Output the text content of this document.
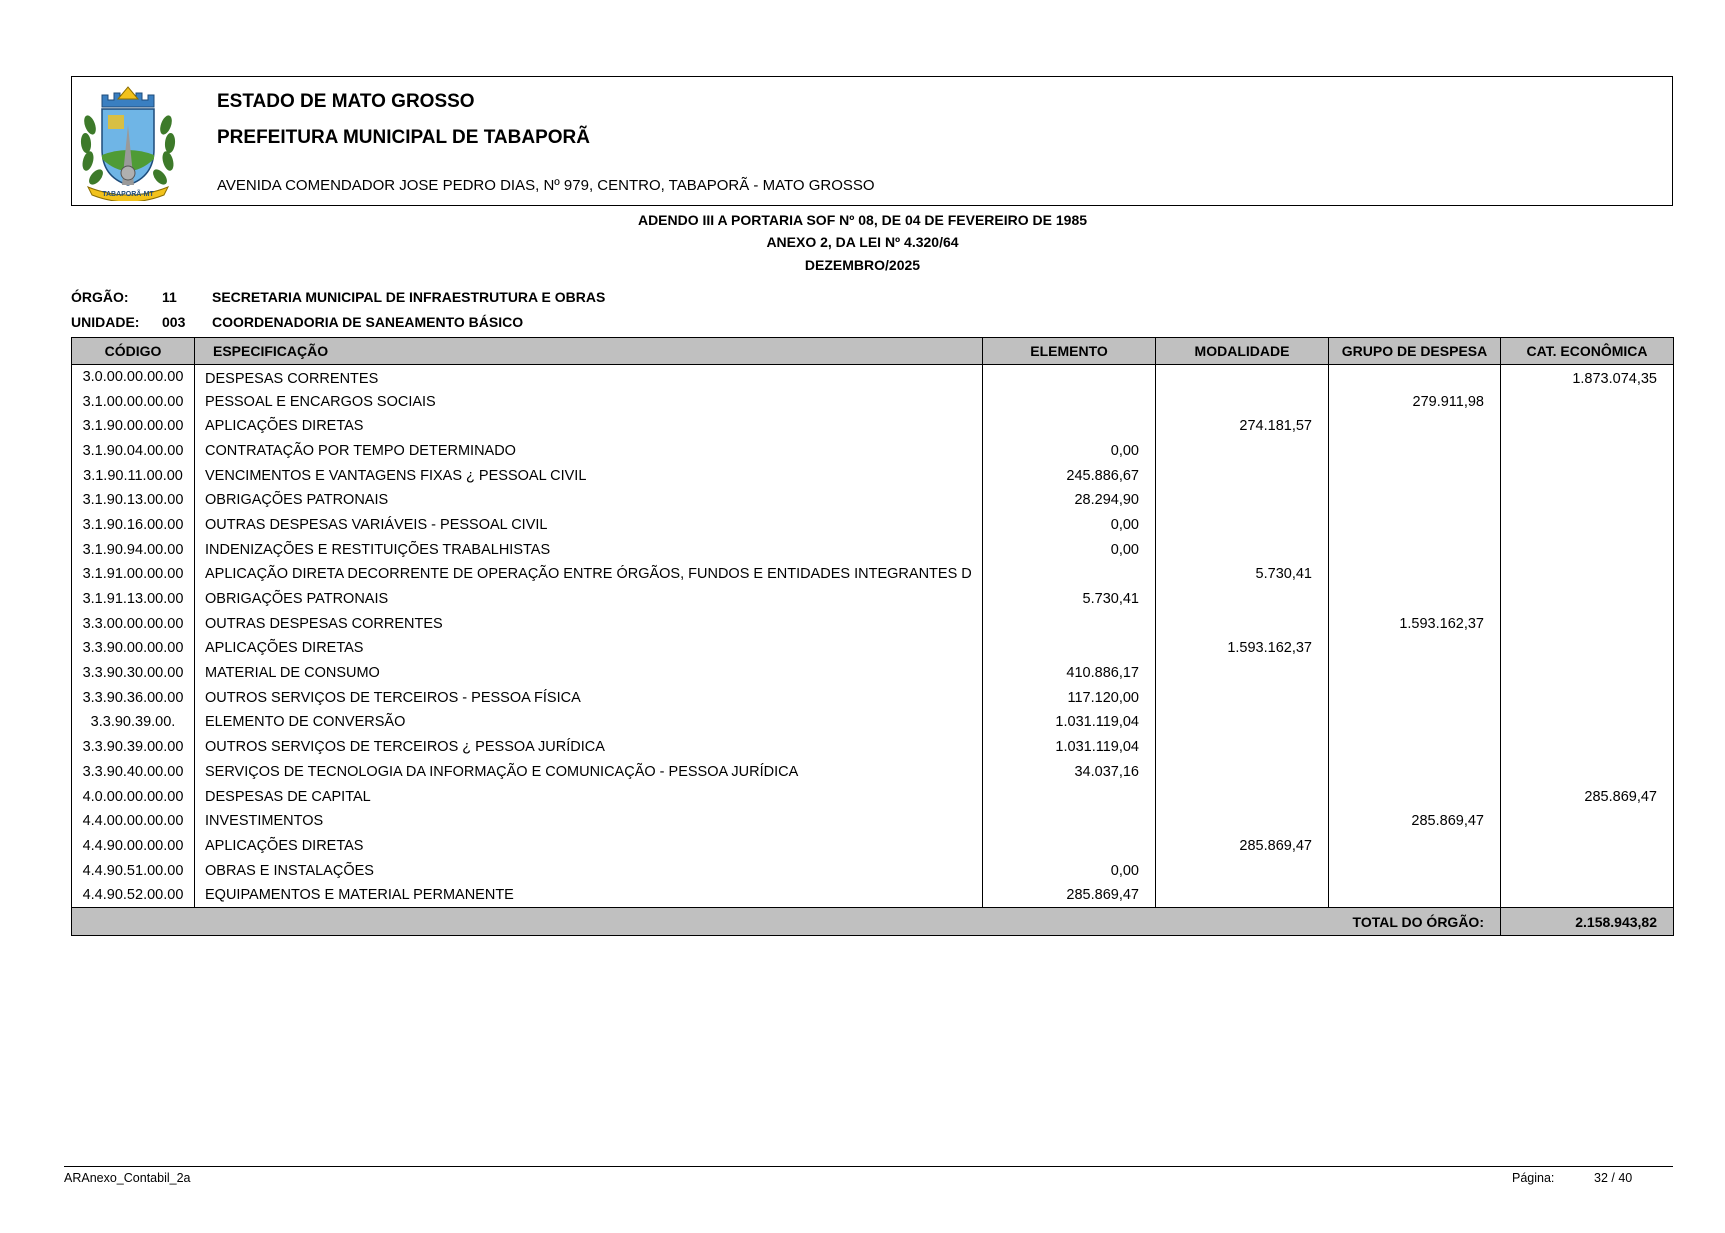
TABAPORÃ-MT
ESTADO DE MATO GROSSO
PREFEITURA MUNICIPAL DE TABAPORÃ
AVENIDA COMENDADOR JOSE PEDRO DIAS, Nº 979, CENTRO, TABAPORÃ - MATO GROSSO
ADENDO III A PORTARIA SOF Nº 08, DE 04 DE FEVEREIRO DE 1985
ANEXO 2, DA LEI Nº 4.320/64
DEZEMBRO/2025
ÓRGÃO: 11	SECRETARIA MUNICIPAL DE INFRAESTRUTURA E OBRAS
UNIDADE: 003 COORDENADORIA DE SANEAMENTO BÁSICO
CÓDIGO	ESPECIFICAÇÃO	ELEMENTO	MODALIDADE	GRUPO DE DESPESA	CAT. ECONÔMICA
3.0.00.00.00.00	DESPESAS CORRENTES				1.873.074,35
3.1.00.00.00.00	PESSOAL E ENCARGOS SOCIAIS			279.911,98	
3.1.90.00.00.00	APLICAÇÕES DIRETAS		274.181,57		
3.1.90.04.00.00	CONTRATAÇÃO POR TEMPO DETERMINADO	0,00			
3.1.90.11.00.00	VENCIMENTOS E VANTAGENS FIXAS ¿ PESSOAL CIVIL	245.886,67			
3.1.90.13.00.00	OBRIGAÇÕES PATRONAIS	28.294,90			
3.1.90.16.00.00	OUTRAS DESPESAS VARIÁVEIS - PESSOAL CIVIL	0,00			
3.1.90.94.00.00	INDENIZAÇÕES E RESTITUIÇÕES TRABALHISTAS	0,00			
3.1.91.00.00.00	APLICAÇÃO DIRETA DECORRENTE DE OPERAÇÃO ENTRE ÓRGÃOS, FUNDOS E ENTIDADES INTEGRANTES D		5.730,41		
3.1.91.13.00.00	OBRIGAÇÕES PATRONAIS	5.730,41			
3.3.00.00.00.00	OUTRAS DESPESAS CORRENTES			1.593.162,37	
3.3.90.00.00.00	APLICAÇÕES DIRETAS		1.593.162,37		
3.3.90.30.00.00	MATERIAL DE CONSUMO	410.886,17			
3.3.90.36.00.00	OUTROS SERVIÇOS DE TERCEIROS - PESSOA FÍSICA	117.120,00			
3.3.90.39.00.	ELEMENTO DE CONVERSÃO	1.031.119,04			
3.3.90.39.00.00	OUTROS SERVIÇOS DE TERCEIROS ¿ PESSOA JURÍDICA	1.031.119,04			
3.3.90.40.00.00	SERVIÇOS DE TECNOLOGIA DA INFORMAÇÃO E COMUNICAÇÃO - PESSOA JURÍDICA	34.037,16			
4.0.00.00.00.00	DESPESAS DE CAPITAL				285.869,47
4.4.00.00.00.00	INVESTIMENTOS			285.869,47	
4.4.90.00.00.00	APLICAÇÕES DIRETAS		285.869,47		
4.4.90.51.00.00	OBRAS E INSTALAÇÕES	0,00			
4.4.90.52.00.00	EQUIPAMENTOS E MATERIAL PERMANENTE	285.869,47			
TOTAL DO ÓRGÃO:					2.158.943,82
ARAnexo_Contabil_2a	Página:	32 / 40
